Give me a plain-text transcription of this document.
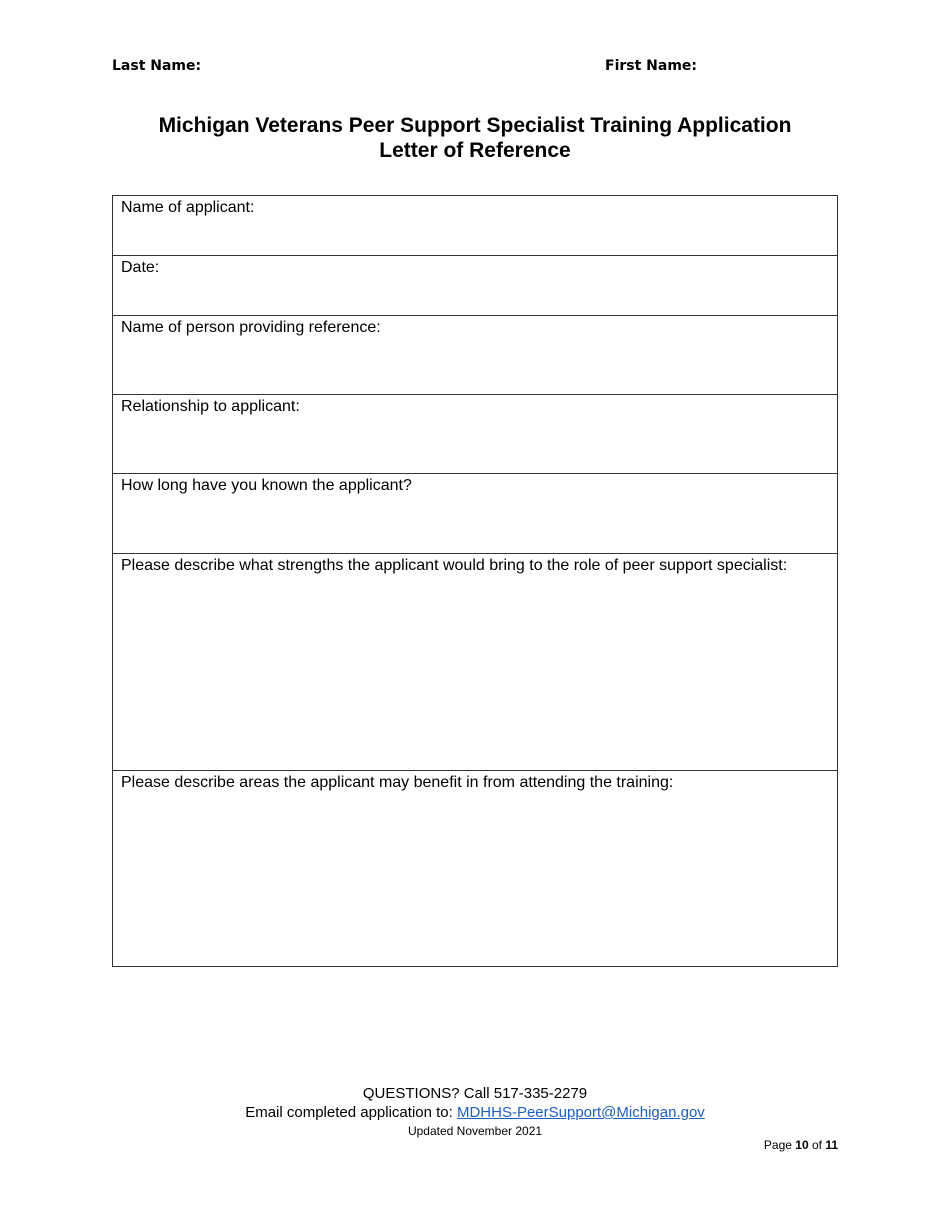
Last Name:	First Name:
Michigan Veterans Peer Support Specialist Training Application
Letter of Reference
Name of applicant:
Date:
Name of person providing reference:
Relationship to applicant:
How long have you known the applicant?
Please describe what strengths the applicant would bring to the role of peer support specialist:
Please describe areas the applicant may benefit in from attending the training:
QUESTIONS? Call 517-335-2279
Email completed application to: MDHHS-PeerSupport@Michigan.gov
Updated November 2021
Page 10 of 11
